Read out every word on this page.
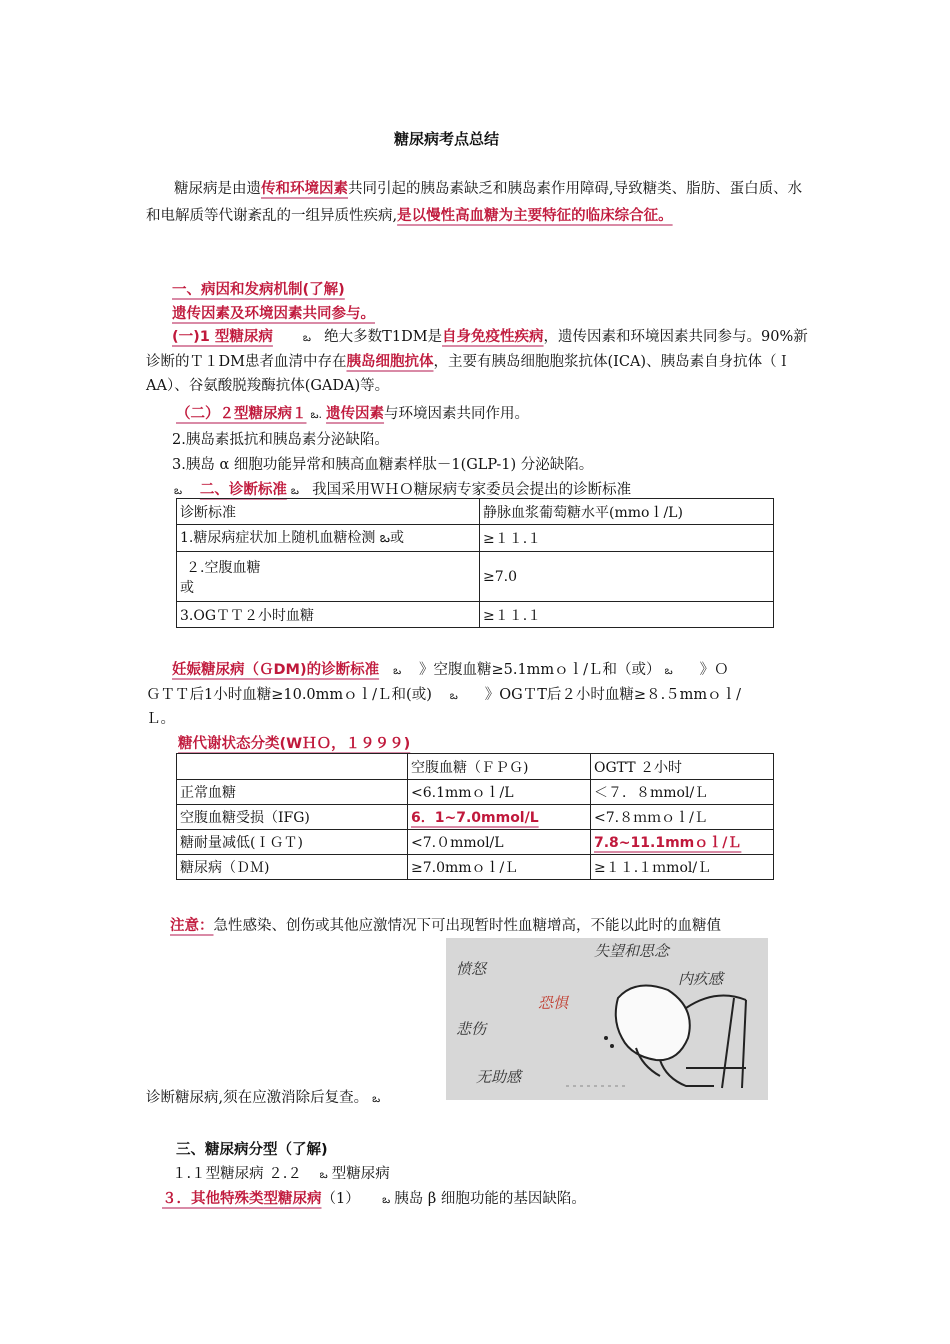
糖尿病考点总结
糖尿病是由遗传和环境因素共同引起的胰岛素缺乏和胰岛素作用障碍,导致糖类、脂肪、蛋白质、水和电解质等代谢紊乱的一组异质性疾病,是以慢性高血糖为主要特征的临床综合征。
一、病因和发病机制(了解)
遗传因素及环境因素共同参与。
(一)1 型糖尿病	ఒ 绝大多数T1DM是自身免疫性疾病，遗传因素和环境因素共同参与。90%新诊断的Ｔ１DM患者血清中存在胰岛细胞抗体，主要有胰岛细胞胞浆抗体(ICA)、胰岛素自身抗体（ＩAA）、谷氨酸脱羧酶抗体(GADA)等。
（二）２型糖尿病１ ఒ. 遗传因素与环境因素共同作用。
2.胰岛素抵抗和胰岛素分泌缺陷。
3.胰岛 α 细胞功能异常和胰高血糖素样肽－1(GLP-1) 分泌缺陷。
ఒ 二、诊断标准 ఒ 我国采用ＷＨＯ糖尿病专家委员会提出的诊断标准
诊断标准	静脉血浆葡萄糖水平(mmoｌ/L)
1.糖尿病症状加上随机血糖检测 ఒ或	≥１１.１

２.空腹血糖
或	≥7.0
3.OGＴＴ２小时血糖	≥１１.１
妊娠糖尿病（ＧDM)的诊断标准 ఒ 》空腹血糖≥5.1mmｏｌ/Ｌ和（或） ఒ 》Ｏ
ＧＴＴ后1小时血糖≥10.0mmｏｌ/Ｌ和(或) ఒ 》OGＴT后２小时血糖≥８.５mmｏｌ/
Ｌ。
糖代谢状态分类(WＨＯ，１９９９)
	空腹血糖（ＦＰＧ)	OGTT ２小时
正常血糖	<6.1mmｏｌ/L	＜７．８mmol/Ｌ
空腹血糖受损（IFG)	6．1~7.0mmol/L	<7.８ｍｍｏｌ/Ｌ
糖耐量减低(ＩＧＴ)	<7.０mmol/L	7.8~11.1mmｏｌ/Ｌ
糖尿病（ＤＭ)	≥7.0mmｏｌ/Ｌ	≥１１.１ｍmol/Ｌ
注意：急性感染、创伤或其他应激情况下可出现暂时性血糖增高，不能以此时的血糖值
愤怒
失望和思念
恐惧
内疚感
悲伤
无助感
诊断糖尿病,须在应激消除后复查。 ఒ
三、糖尿病分型（了解)
１.１型糖尿病 ２.２ ఒ 型糖尿病
３．其他特殊类型糖尿病（1） ఒ 胰岛 β 细胞功能的基因缺陷。
